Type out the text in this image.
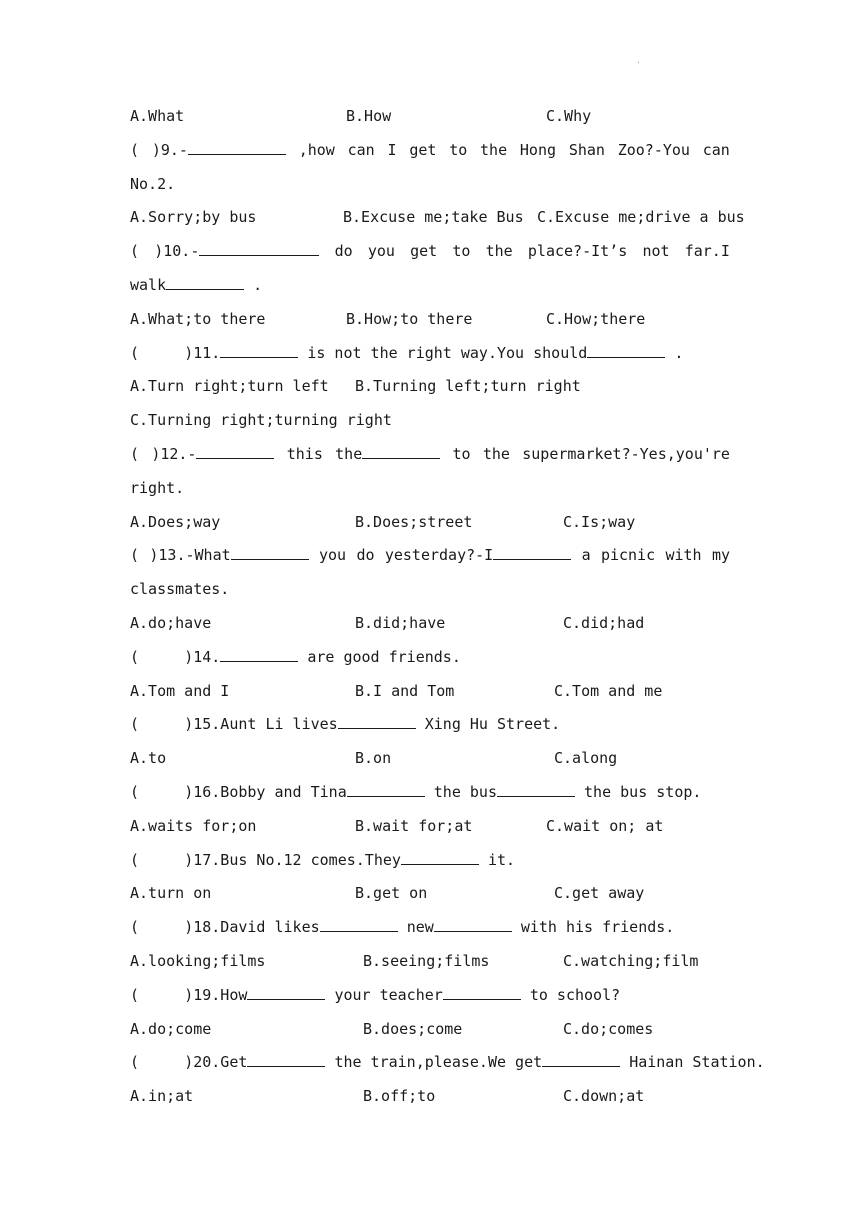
.
A.What	B.How	C.Why
( )9.-	,how can I get to the Hong Shan Zoo?-You can
No.2.
A.Sorry;by bus	B.Excuse me;take Bus C.Excuse me;drive a bus
( )10.-	do you get to the place?-It’s not far.I
walk	.
A.What;to there	B.How;to there	C.How;there
(	)11.	is not the right way.You should	.
A.Turn right;turn left B.Turning left;turn right
C.Turning right;turning right
( )12.-	this the	to the supermarket?-Yes,you're
right.
A.Does;way	B.Does;street	C.Is;way
( )13.-What	you do yesterday?-I	a picnic with my
classmates.
A.do;have	B.did;have	C.did;had
(	)14.	are good friends.
A.Tom and I	B.I and Tom	C.Tom and me
(	)15.Aunt Li lives	Xing Hu Street.
A.to	B.on	C.along
(	)16.Bobby and Tina	the bus	the bus stop.
A.waits for;on	B.wait for;at	C.wait on; at
(	)17.Bus No.12 comes.They	it.
A.turn on	B.get on	C.get away
(	)18.David likes	new	with his friends.
A.looking;films	B.seeing;films	C.watching;film
(	)19.How	your teacher	to school?
A.do;come	B.does;come	C.do;comes
(	)20.Get	the train,please.We get	Hainan Station.
A.in;at	B.off;to	C.down;at
